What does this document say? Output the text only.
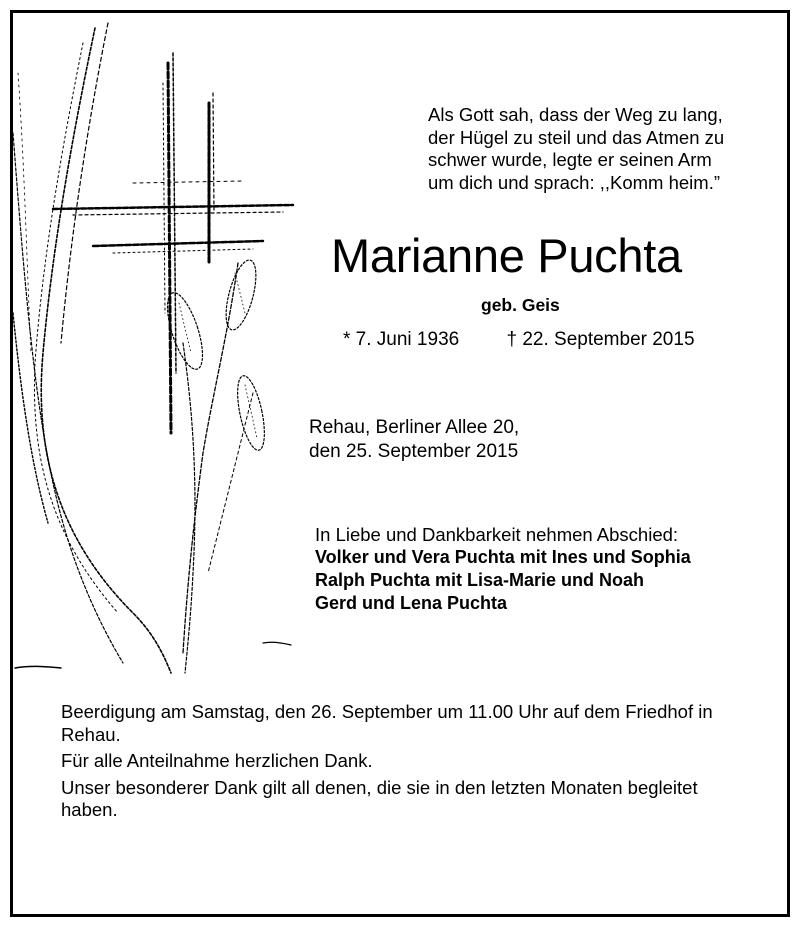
Als Gott sah, dass der Weg zu lang,
der Hügel zu steil und das Atmen zu
schwer wurde, legte er seinen Arm
um dich und sprach: ,,Komm heim.”
Marianne Puchta
geb. Geis
* 7. Juni 1936 † 22. September 2015
Rehau, Berliner Allee 20,
den 25. September 2015
In Liebe und Dankbarkeit nehmen Abschied:
Volker und Vera Puchta mit Ines und Sophia
Ralph Puchta mit Lisa-Marie und Noah
Gerd und Lena Puchta

Beerdigung am Samstag, den 26. September um 11.00 Uhr auf dem Friedhof in Rehau.

Für alle Anteilnahme herzlichen Dank.

Unser besonderer Dank gilt all denen, die sie in den letzten Monaten begleitet haben.
